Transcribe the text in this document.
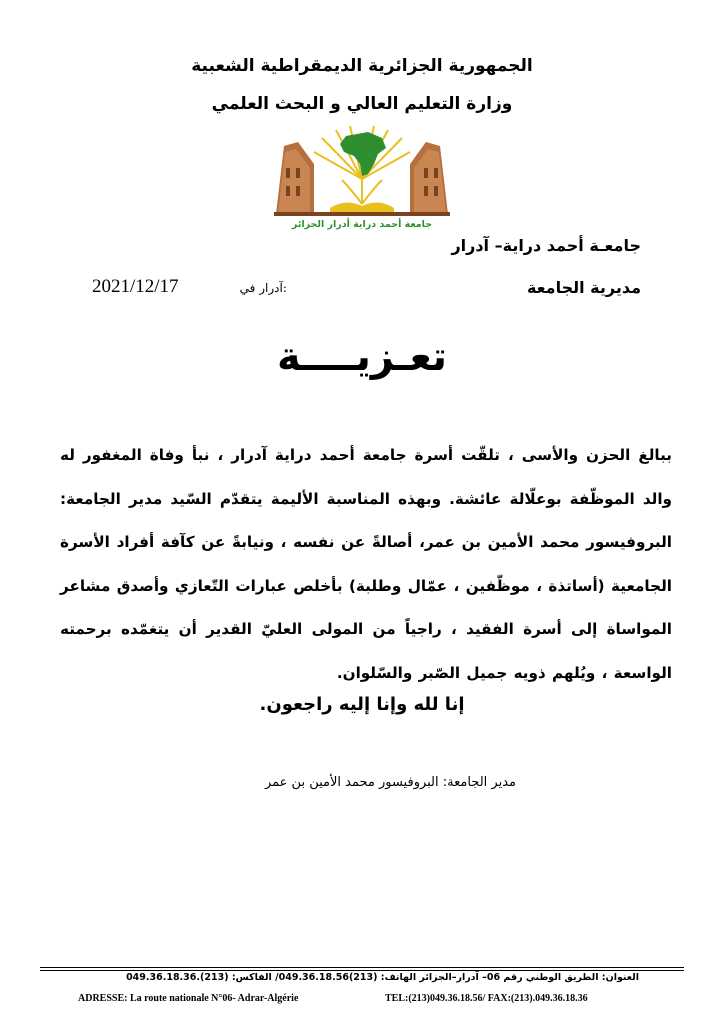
الجمهورية الجزائرية الديمقراطية الشعبية
وزارة التعليم العالي و البحث العلمي
جامعة أحمد دراية أدرار الجزائر
جامعـة أحمد دراية– آدرار
مديرية الجامعة
2021/12/17	آدرار في:
تعـزيــــة
ببالغ الحزن والأسى ، تلقّت أسرة جامعة أحمد دراية آدرار ، نبأ وفاة المغفور له والد الموظّفة بوعلّالة عائشة. وبهذه المناسبة الأليمة يتقدّم السّيد مدير الجامعة: البروفيسور محمد الأمين بن عمر، أصالةً عن نفسه ، ونيابةً عن كآفة أفراد الأسرة الجامعية (أساتذة ، موظّفين ، عمّال وطلبة) بأخلص عبارات التّعازي وأصدق مشاعر المواساة إلى أسرة الفقيد ، راجياً من المولى العليّ القدير أن يتغمّده برحمته الواسعة ، ويُلهم ذويه جميل الصّبر والسّلوان.
إنا لله وإنا إليه راجعون.
مدير الجامعة: البروفيسور محمد الأمين بن عمر
العنوان: الطريق الوطني رقم 06– آدرار–الجزائر الهاتف: (213)049.36.18.56/ الفاكس: (213).049.36.18.36
ADRESSE: La route nationale N°06- Adrar-Algérie	TEL:(213)049.36.18.56/ FAX:(213).049.36.18.36
